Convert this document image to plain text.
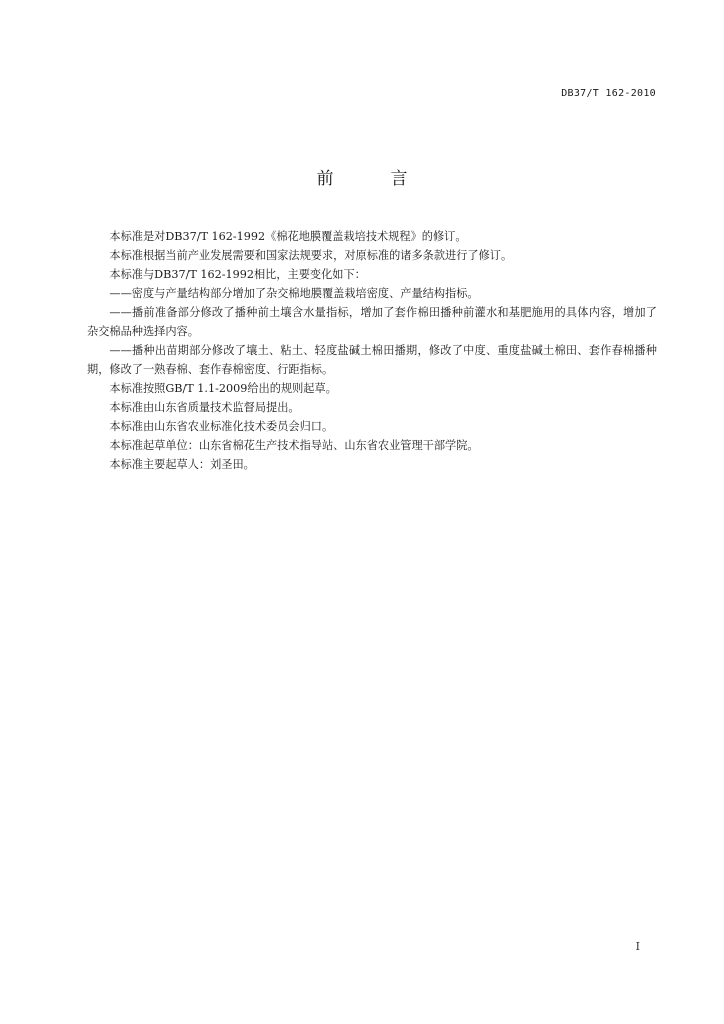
DB37/T 162-2010
前　言

本标准是对DB37/T 162-1992《棉花地膜覆盖栽培技术规程》的修订。

本标准根据当前产业发展需要和国家法规要求，对原标准的诸多条款进行了修订。

本标准与DB37/T 162-1992相比，主要变化如下：

——密度与产量结构部分增加了杂交棉地膜覆盖栽培密度、产量结构指标。

——播前准备部分修改了播种前土壤含水量指标，增加了套作棉田播种前灌水和基肥施用的具体内容，增加了杂交棉品种选择内容。

——播种出苗期部分修改了壤土、粘土、轻度盐碱土棉田播期，修改了中度、重度盐碱土棉田、套作春棉播种期，修改了一熟春棉、套作春棉密度、行距指标。

本标准按照GB/T 1.1-2009给出的规则起草。

本标准由山东省质量技术监督局提出。

本标准由山东省农业标准化技术委员会归口。

本标准起草单位：山东省棉花生产技术指导站、山东省农业管理干部学院。

本标准主要起草人：刘圣田。

I
